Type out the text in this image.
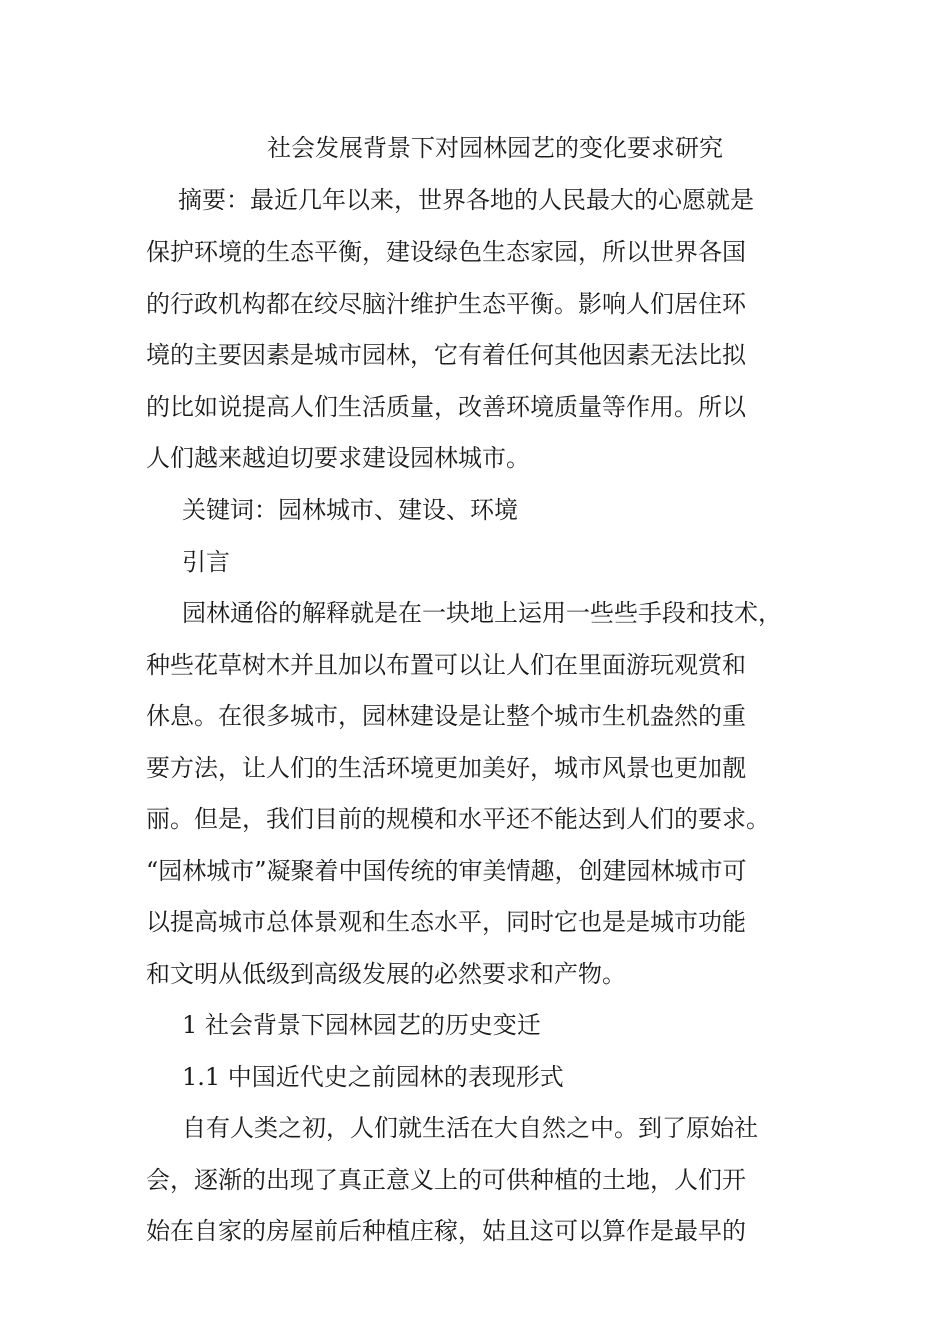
社会发展背景下对园林园艺的变化要求研究
摘要：最近几年以来，世界各地的人民最大的心愿就是
保护环境的生态平衡，建设绿色生态家园，所以世界各国
的行政机构都在绞尽脑汁维护生态平衡。影响人们居住环
境的主要因素是城市园林，它有着任何其他因素无法比拟
的比如说提高人们生活质量，改善环境质量等作用。所以
人们越来越迫切要求建设园林城市。
关键词：园林城市、建设、环境
引言
园林通俗的解释就是在一块地上运用一些些手段和技术，
种些花草树木并且加以布置可以让人们在里面游玩观赏和
休息。在很多城市，园林建设是让整个城市生机盎然的重
要方法，让人们的生活环境更加美好，城市风景也更加靓
丽。但是，我们目前的规模和水平还不能达到人们的要求。
“园林城市”凝聚着中国传统的审美情趣，创建园林城市可
以提高城市总体景观和生态水平，同时它也是是城市功能
和文明从低级到高级发展的必然要求和产物。
1 社会背景下园林园艺的历史变迁
1.1 中国近代史之前园林的表现形式
自有人类之初，人们就生活在大自然之中。到了原始社
会，逐渐的出现了真正意义上的可供种植的土地，人们开
始在自家的房屋前后种植庄稼，姑且这可以算作是最早的
